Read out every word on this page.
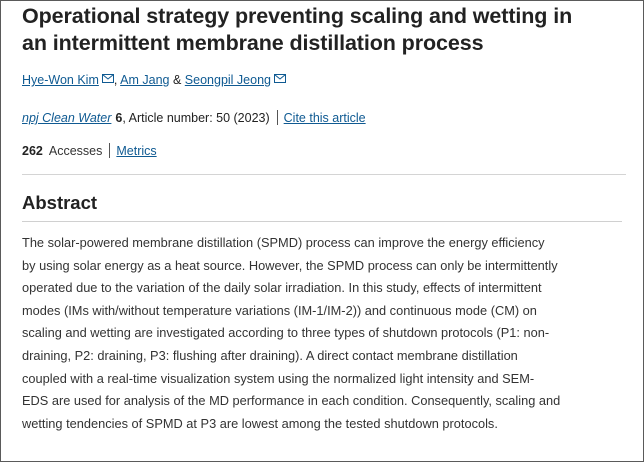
Operational strategy preventing scaling and wetting in
an intermittent membrane distillation process
Hye-Won Kim , Am Jang & Seongpil Jeong
npj Clean Water 6, Article number: 50 (2023) Cite this article
262 Accesses Metrics
Abstract
The solar-powered membrane distillation (SPMD) process can improve the energy efficiency
by using solar energy as a heat source. However, the SPMD process can only be intermittently
operated due to the variation of the daily solar irradiation. In this study, effects of intermittent
modes (IMs with/without temperature variations (IM-1/IM-2)) and continuous mode (CM) on
scaling and wetting are investigated according to three types of shutdown protocols (P1: non-
draining, P2: draining, P3: flushing after draining). A direct contact membrane distillation
coupled with a real-time visualization system using the normalized light intensity and SEM-
EDS are used for analysis of the MD performance in each condition. Consequently, scaling and
wetting tendencies of SPMD at P3 are lowest among the tested shutdown protocols.
